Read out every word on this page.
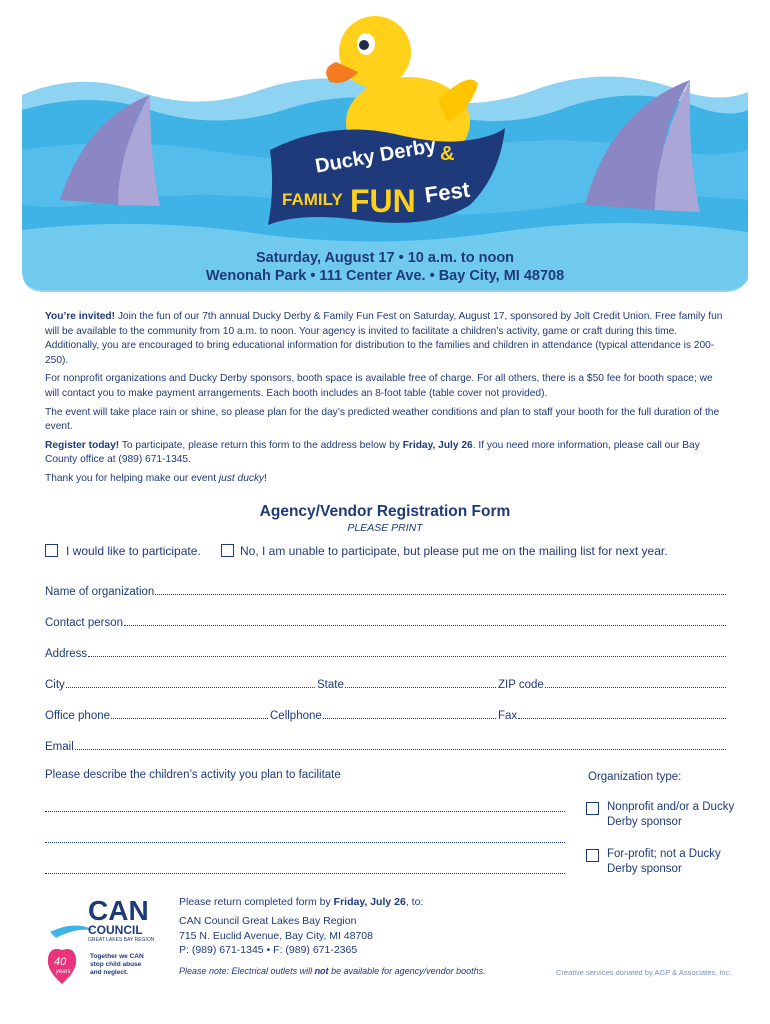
Ducky Derby &
FAMILY FUN Fest
Saturday, August 17 • 10 a.m. to noon
Wenonah Park • 111 Center Ave. • Bay City, MI 48708

You’re invited! Join the fun of our 7th annual Ducky Derby & Family Fun Fest on Saturday, August 17, sponsored by Jolt Credit Union. Free family fun will be available to the community from 10 a.m. to noon. Your agency is invited to facilitate a children’s activity, game or craft during this time. Additionally, you are encouraged to bring educational information for distribution to the families and children in attendance (typical attendance is 200-250).

For nonprofit organizations and Ducky Derby sponsors, booth space is available free of charge. For all others, there is a $50 fee for booth space; we will contact you to make payment arrangements. Each booth includes an 8-foot table (table cover not provided).

The event will take place rain or shine, so please plan for the day’s predicted weather conditions and plan to staff your booth for the full duration of the event.

Register today! To participate, please return this form to the address below by Friday, July 26. If you need more information, please call our Bay County office at (989) 671-1345.

Thank you for helping make our event just ducky!

Agency/Vendor Registration Form
PLEASE PRINT
I would like to participate.	No, I am unable to participate, but please put me on the mailing list for next year.
Name of organization
Contact person
Address
City	State	ZIP code
Office phone	Cellphone	Fax
Email
Please describe the children’s activity you plan to facilitate	Organization type:
Nonprofit and/or a Ducky Derby sponsor
For-profit; not a Ducky Derby sponsor
CAN
COUNCIL
GREAT LAKES BAY REGION
40
years
Together we CAN
stop child abuse
and neglect.
Please return completed form by Friday, July 26, to:
CAN Council Great Lakes Bay Region
715 N. Euclid Avenue, Bay City, MI 48708
P: (989) 671-1345 • F: (989) 671-2365
Please note: Electrical outlets will not be available for agency/vendor booths.	Creative services donated by AGP & Associates, Inc.
